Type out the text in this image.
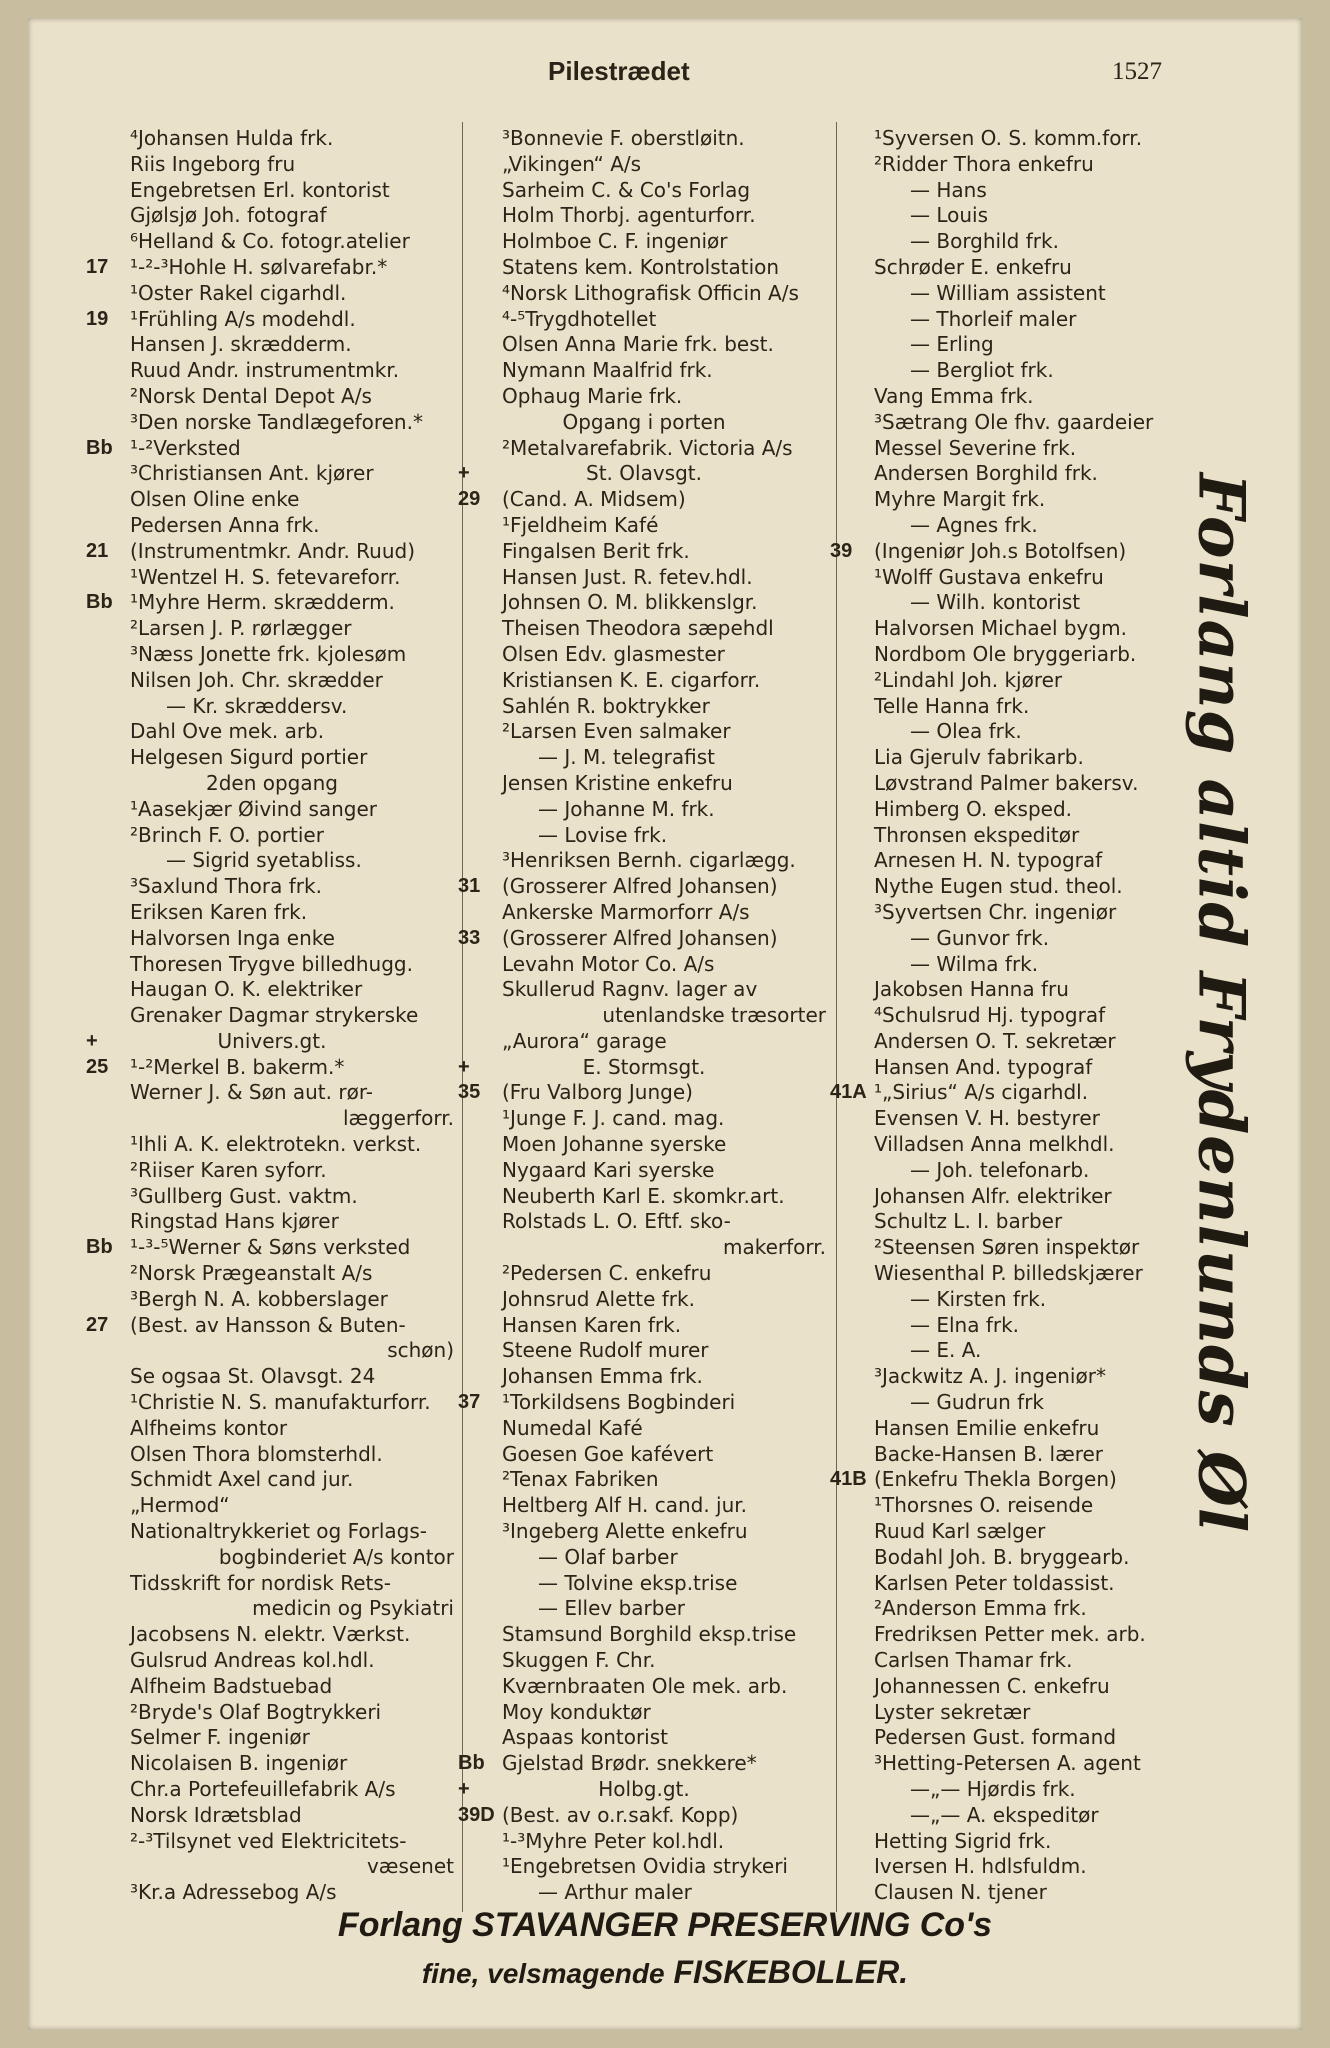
Pilestrædet	1527
⁴Johansen Hulda frk.
Riis Ingeborg fru
Engebretsen Erl. kontorist
Gjølsjø Joh. fotograf
⁶Helland & Co. fotogr.atelier
17	¹-²-³Hohle H. sølvarefabr.*
¹Oster Rakel cigarhdl.
19	¹Frühling A/s modehdl.
Hansen J. skrædderm.
Ruud Andr. instrumentmkr.
²Norsk Dental Depot A/s
³Den norske Tandlægeforen.*
Bb ¹-²Verksted
³Christiansen Ant. kjører
Olsen Oline enke
Pedersen Anna frk.
21	(Instrumentmkr. Andr. Ruud)
¹Wentzel H. S. fetevareforr.
Bb ¹Myhre Herm. skrædderm.
²Larsen J. P. rørlægger
³Næss Jonette frk. kjolesøm
Nilsen Joh. Chr. skrædder
— Kr. skræddersv.
Dahl Ove mek. arb.
Helgesen Sigurd portier
2den opgang
¹Aasekjær Øivind sanger
²Brinch F. O. portier
— Sigrid syetabliss.
³Saxlund Thora frk.
Eriksen Karen frk.
Halvorsen Inga enke
Thoresen Trygve billedhugg.
Haugan O. K. elektriker
Grenaker Dagmar strykerske
+	Univers.gt.
25	¹-²Merkel B. bakerm.*
Werner J. & Søn aut. rør-
læggerforr.
¹Ihli A. K. elektrotekn. verkst.
²Riiser Karen syforr.
³Gullberg Gust. vaktm.
Ringstad Hans kjører
Bb ¹-³-⁵Werner & Søns verksted
²Norsk Prægeanstalt A/s
³Bergh N. A. kobberslager
27	(Best. av Hansson & Buten-
schøn)
Se ogsaa St. Olavsgt. 24
¹Christie N. S. manufakturforr.
Alfheims kontor
Olsen Thora blomsterhdl.
Schmidt Axel cand jur.
„Hermod“
Nationaltrykkeriet og Forlags-
bogbinderiet A/s kontor
Tidsskrift for nordisk Rets-
medicin og Psykiatri
Jacobsens N. elektr. Værkst.
Gulsrud Andreas kol.hdl.
Alfheim Badstuebad
²Bryde's Olaf Bogtrykkeri
Selmer F. ingeniør
Nicolaisen B. ingeniør
Chr.a Portefeuillefabrik A/s
Norsk Idrætsblad
²-³Tilsynet ved Elektricitets-
væsenet
³Kr.a Adressebog A/s
³Bonnevie F. oberstløitn.
„Vikingen“ A/s
Sarheim C. & Co's Forlag
Holm Thorbj. agenturforr.
Holmboe C. F. ingeniør
Statens kem. Kontrolstation
⁴Norsk Lithografisk Officin A/s
⁴-⁵Trygdhotellet
Olsen Anna Marie frk. best.
Nymann Maalfrid frk.
Ophaug Marie frk.
Opgang i porten
²Metalvarefabrik. Victoria A/s
+	St. Olavsgt.
29	(Cand. A. Midsem)
¹Fjeldheim Kafé
Fingalsen Berit frk.
Hansen Just. R. fetev.hdl.
Johnsen O. M. blikkenslgr.
Theisen Theodora sæpehdl
Olsen Edv. glasmester
Kristiansen K. E. cigarforr.
Sahlén R. boktrykker
²Larsen Even salmaker
— J. M. telegrafist
Jensen Kristine enkefru
— Johanne M. frk.
— Lovise frk.
³Henriksen Bernh. cigarlægg.
31	(Grosserer Alfred Johansen)
Ankerske Marmorforr A/s
33	(Grosserer Alfred Johansen)
Levahn Motor Co. A/s
Skullerud Ragnv. lager av
utenlandske træsorter
„Aurora“ garage
+	E. Stormsgt.
35	(Fru Valborg Junge)
¹Junge F. J. cand. mag.
Moen Johanne syerske
Nygaard Kari syerske
Neuberth Karl E. skomkr.art.
Rolstads L. O. Eftf. sko-
makerforr.
²Pedersen C. enkefru
Johnsrud Alette frk.
Hansen Karen frk.
Steene Rudolf murer
Johansen Emma frk.
37	¹Torkildsens Bogbinderi
Numedal Kafé
Goesen Goe kafévert
²Tenax Fabriken
Heltberg Alf H. cand. jur.
³Ingeberg Alette enkefru
— Olaf barber
— Tolvine eksp.trise
— Ellev barber
Stamsund Borghild eksp.trise
Skuggen F. Chr.
Kværnbraaten Ole mek. arb.
Moy konduktør
Aspaas kontorist
Bb Gjelstad Brødr. snekkere*
+	Holbg.gt.
39D (Best. av o.r.sakf. Kopp)
¹-³Myhre Peter kol.hdl.
¹Engebretsen Ovidia strykeri
— Arthur maler
¹Syversen O. S. komm.forr.
²Ridder Thora enkefru
— Hans
— Louis
— Borghild frk.
Schrøder E. enkefru
— William assistent
— Thorleif maler
— Erling
— Bergliot frk.
Vang Emma frk.
³Sætrang Ole fhv. gaardeier
Messel Severine frk.
Andersen Borghild frk.
Myhre Margit frk.
— Agnes frk.
39	(Ingeniør Joh.s Botolfsen)
¹Wolff Gustava enkefru
— Wilh. kontorist
Halvorsen Michael bygm.
Nordbom Ole bryggeriarb.
²Lindahl Joh. kjører
Telle Hanna frk.
— Olea frk.
Lia Gjerulv fabrikarb.
Løvstrand Palmer bakersv.
Himberg O. eksped.
Thronsen ekspeditør
Arnesen H. N. typograf
Nythe Eugen stud. theol.
³Syvertsen Chr. ingeniør
— Gunvor frk.
— Wilma frk.
Jakobsen Hanna fru
⁴Schulsrud Hj. typograf
Andersen O. T. sekretær
Hansen And. typograf
41A ¹„Sirius“ A/s cigarhdl.
Evensen V. H. bestyrer
Villadsen Anna melkhdl.
— Joh. telefonarb.
Johansen Alfr. elektriker
Schultz L. I. barber
²Steensen Søren inspektør
Wiesenthal P. billedskjærer
— Kirsten frk.
— Elna frk.
— E. A.
³Jackwitz A. J. ingeniør*
— Gudrun frk
Hansen Emilie enkefru
Backe-Hansen B. lærer
41B (Enkefru Thekla Borgen)
¹Thorsnes O. reisende
Ruud Karl sælger
Bodahl Joh. B. bryggearb.
Karlsen Peter toldassist.
²Anderson Emma frk.
Fredriksen Petter mek. arb.
Carlsen Thamar frk.
Johannessen C. enkefru
Lyster sekretær
Pedersen Gust. formand
³Hetting-Petersen A. agent
—„— Hjørdis frk.
—„— A. ekspeditør
Hetting Sigrid frk.
Iversen H. hdlsfuldm.
Clausen N. tjener
Forlang altid Frydenlunds Øl
Forlang STAVANGER PRESERVING Co's
fine, velsmagende FISKEBOLLER.
